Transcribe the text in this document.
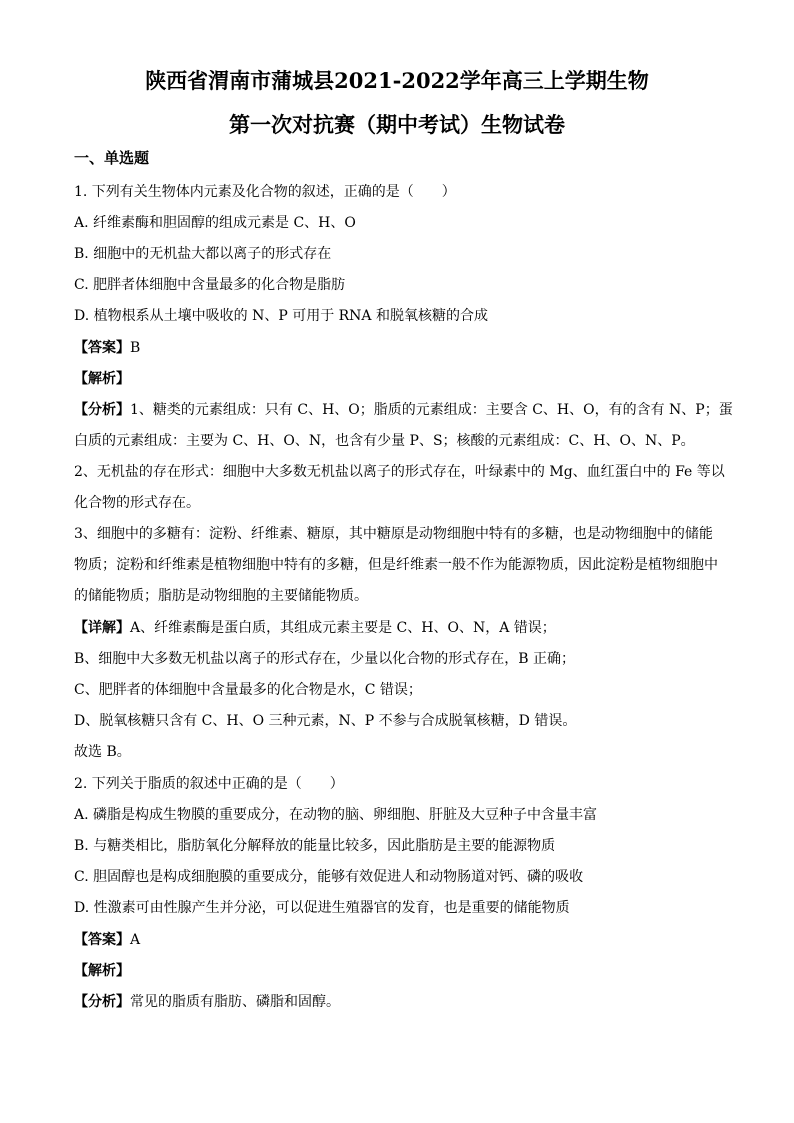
陕西省渭南市蒲城县2021-2022学年高三上学期生物
第一次对抗赛（期中考试）生物试卷
一、单选题
1. 下列有关生物体内元素及化合物的叙述，正确的是（　　）
A. 纤维素酶和胆固醇的组成元素是 C、H、O
B. 细胞中的无机盐大都以离子的形式存在
C. 肥胖者体细胞中含量最多的化合物是脂肪
D. 植物根系从土壤中吸收的 N、P 可用于 RNA 和脱氧核糖的合成
【答案】B
【解析】
【分析】1、糖类的元素组成：只有 C、H、O；脂质的元素组成：主要含 C、H、O，有的含有 N、P；蛋
白质的元素组成：主要为 C、H、O、N，也含有少量 P、S；核酸的元素组成：C、H、O、N、P。
2、无机盐的存在形式：细胞中大多数无机盐以离子的形式存在，叶绿素中的 Mg、血红蛋白中的 Fe 等以
化合物的形式存在。
3、细胞中的多糖有：淀粉、纤维素、糖原，其中糖原是动物细胞中特有的多糖，也是动物细胞中的储能
物质；淀粉和纤维素是植物细胞中特有的多糖，但是纤维素一般不作为能源物质，因此淀粉是植物细胞中
的储能物质；脂肪是动物细胞的主要储能物质。
【详解】A、纤维素酶是蛋白质，其组成元素主要是 C、H、O、N，A 错误；
B、细胞中大多数无机盐以离子的形式存在，少量以化合物的形式存在，B 正确；
C、肥胖者的体细胞中含量最多的化合物是水，C 错误；
D、脱氧核糖只含有 C、H、O 三种元素，N、P 不参与合成脱氧核糖，D 错误。
故选 B。
2. 下列关于脂质的叙述中正确的是（　　）
A. 磷脂是构成生物膜的重要成分，在动物的脑、卵细胞、肝脏及大豆种子中含量丰富
B. 与糖类相比，脂肪氧化分解释放的能量比较多，因此脂肪是主要的能源物质
C. 胆固醇也是构成细胞膜的重要成分，能够有效促进人和动物肠道对钙、磷的吸收
D. 性激素可由性腺产生并分泌，可以促进生殖器官的发育，也是重要的储能物质
【答案】A
【解析】
【分析】常见的脂质有脂肪、磷脂和固醇。
